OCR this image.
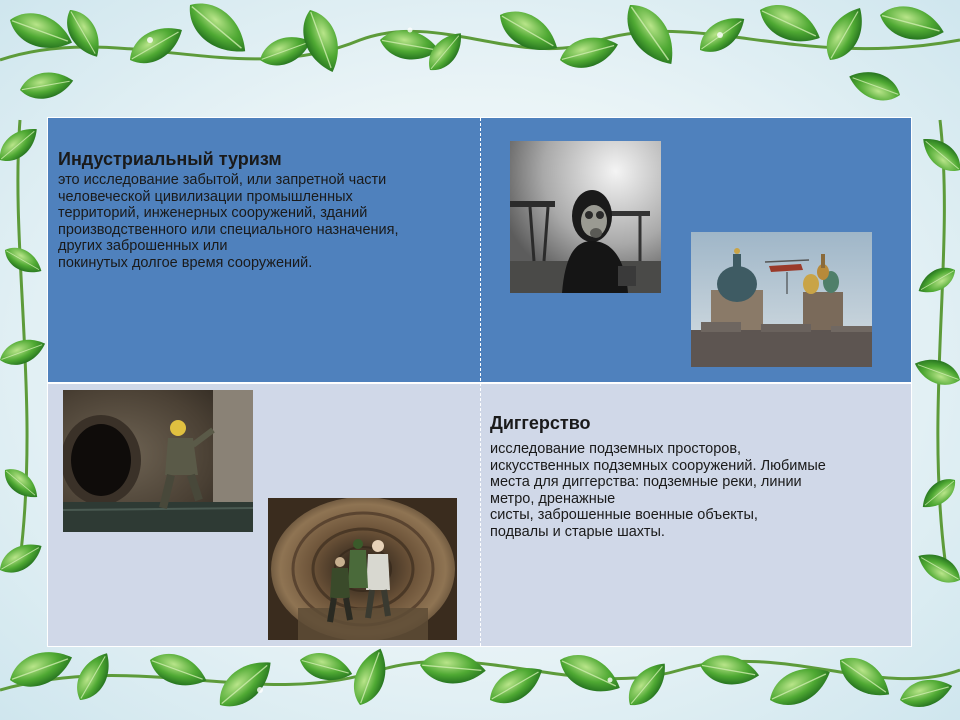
Индустриальный туризм
это исследование забытой, или запретной части
человеческой цивилизации промышленных
территорий, инженерных сооружений, зданий
производственного или специального назначения,
других заброшенных или
покинутых долгое время сооружений.
Диггерство
исследование подземных просторов,
искусственных подземных сооружений. Любимые
места для диггерства: подземные реки, линии
метро, дренажные
систы, заброшенные военные объекты,
подвалы и старые шахты.
